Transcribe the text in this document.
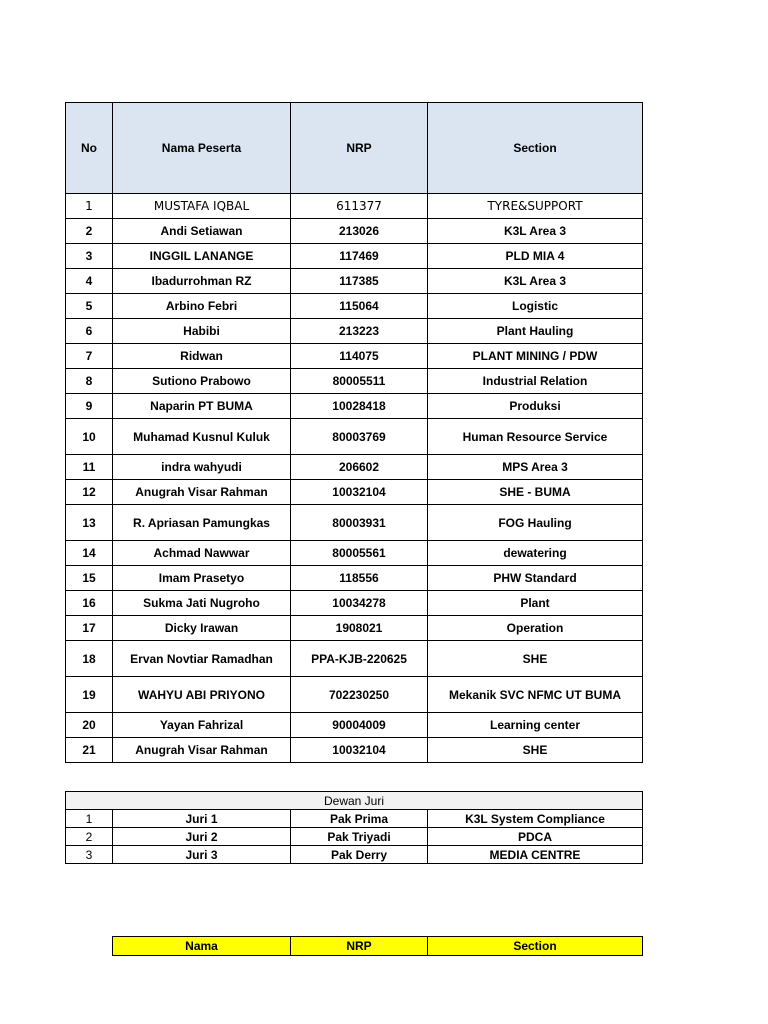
No	Nama Peserta	NRP	Section
1	MUSTAFA IQBAL	611377	TYRE&SUPPORT
2	Andi Setiawan	213026	K3L Area 3
3	INGGIL LANANGE	117469	PLD MIA 4
4	Ibadurrohman RZ	117385	K3L Area 3
5	Arbino Febri	115064	Logistic
6	Habibi	213223	Plant Hauling
7	Ridwan	114075	PLANT MINING / PDW
8	Sutiono Prabowo	80005511	Industrial Relation
9	Naparin PT BUMA	10028418	Produksi
10	Muhamad Kusnul Kuluk	80003769	Human Resource Service
11	indra wahyudi	206602	MPS Area 3
12	Anugrah Visar Rahman	10032104	SHE - BUMA
13	R. Apriasan Pamungkas	80003931	FOG Hauling
14	Achmad Nawwar	80005561	dewatering
15	Imam Prasetyo	118556	PHW Standard
16	Sukma Jati Nugroho	10034278	Plant
17	Dicky Irawan	1908021	Operation
18	Ervan Novtiar Ramadhan	PPA-KJB-220625	SHE
19	WAHYU ABI PRIYONO	702230250	Mekanik SVC NFMC UT BUMA
20	Yayan Fahrizal	90004009	Learning center
21	Anugrah Visar Rahman	10032104	SHE
Dewan Juri			
1	Juri 1	Pak Prima	K3L System Compliance
2	Juri 2	Pak Triyadi	PDCA
3	Juri 3	Pak Derry	MEDIA CENTRE
Nama	NRP	Section
